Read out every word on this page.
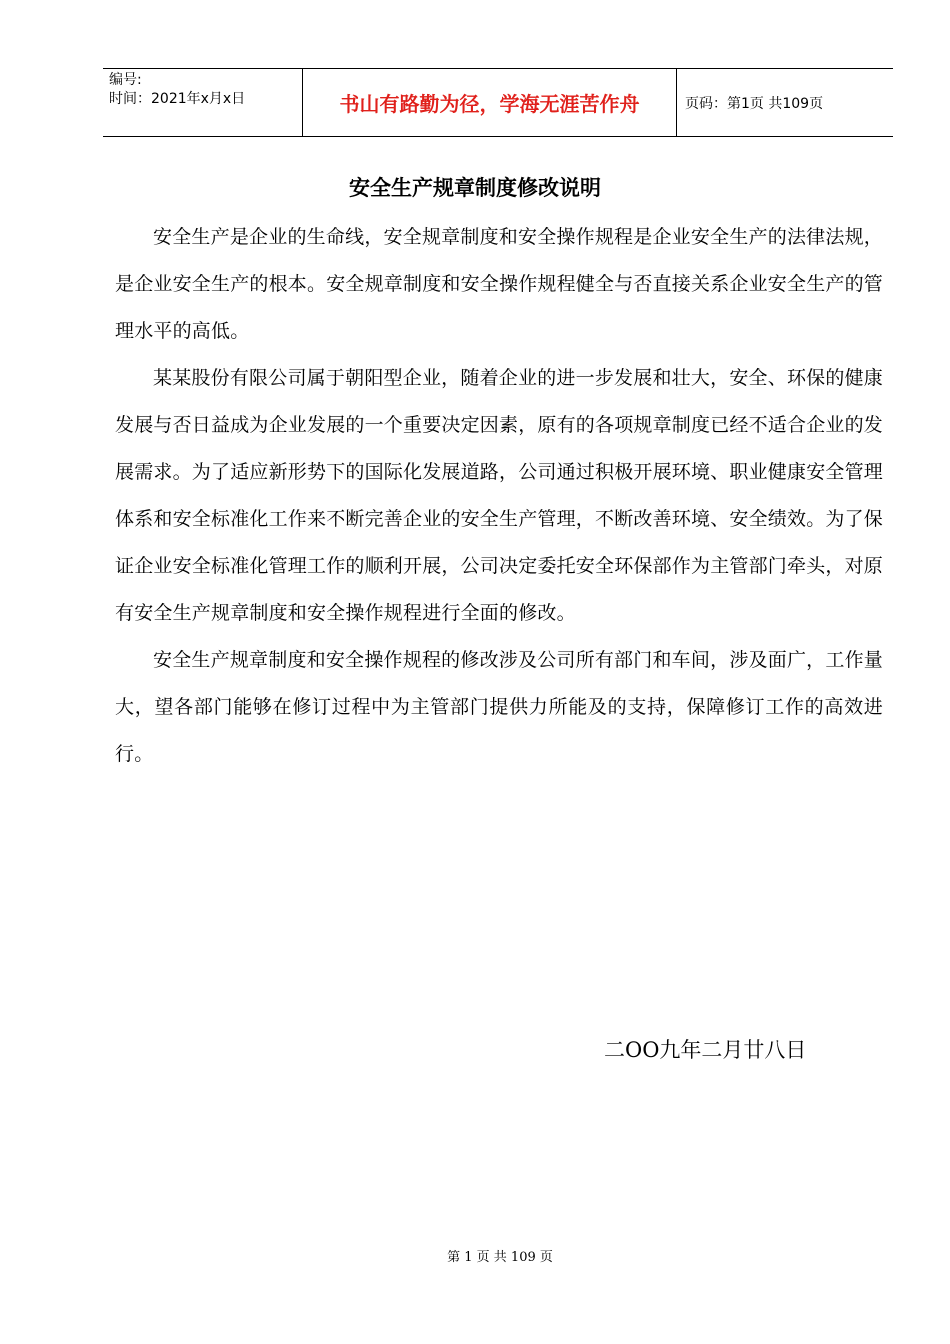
编号:
时间：2021年x月x日	书山有路勤为径，学海无涯苦作舟	页码：第1页 共109页
安全生产规章制度修改说明

安全生产是企业的生命线，安全规章制度和安全操作规程是企业安全生产的法律法规，是企业安全生产的根本。安全规章制度和安全操作规程健全与否直接关系企业安全生产的管理水平的高低。

某某股份有限公司属于朝阳型企业，随着企业的进一步发展和壮大，安全、环保的健康发展与否日益成为企业发展的一个重要决定因素，原有的各项规章制度已经不适合企业的发展需求。为了适应新形势下的国际化发展道路，公司通过积极开展环境、职业健康安全管理体系和安全标准化工作来不断完善企业的安全生产管理，不断改善环境、安全绩效。为了保证企业安全标准化管理工作的顺利开展，公司决定委托安全环保部作为主管部门牵头，对原有安全生产规章制度和安全操作规程进行全面的修改。

安全生产规章制度和安全操作规程的修改涉及公司所有部门和车间，涉及面广，工作量大，望各部门能够在修订过程中为主管部门提供力所能及的支持，保障修订工作的高效进行。

二OO九年二月廿八日
第 1 页 共 109 页
